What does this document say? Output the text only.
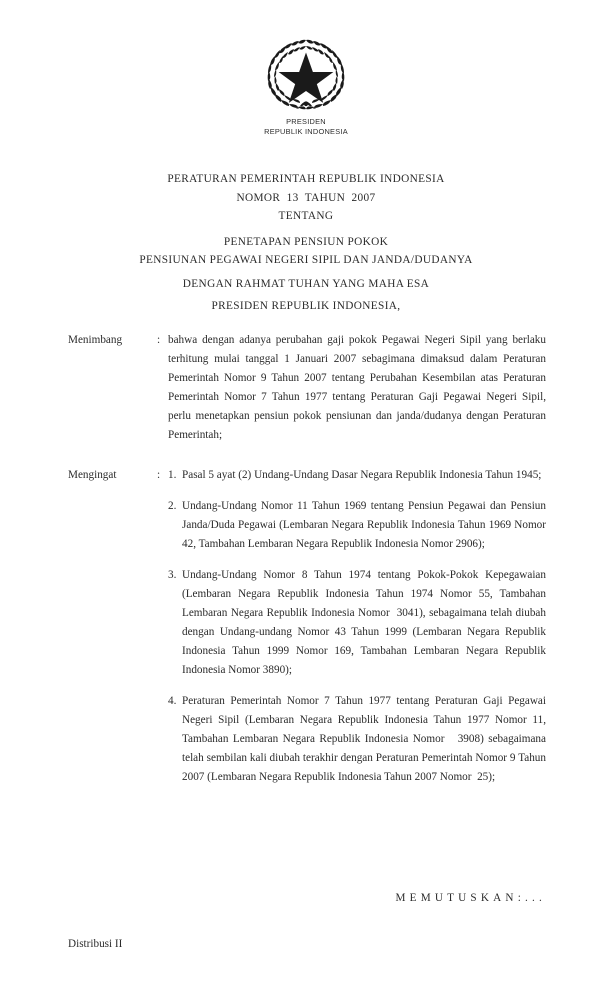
PRESIDEN
REPUBLIK INDONESIA
PERATURAN PEMERINTAH REPUBLIK INDONESIA
NOMOR  13  TAHUN  2007
TENTANG
PENETAPAN PENSIUN POKOK
PENSIUNAN PEGAWAI NEGERI SIPIL DAN JANDA/DUDANYA
DENGAN RAHMAT TUHAN YANG MAHA ESA
PRESIDEN REPUBLIK INDONESIA,
Menimbang	: bahwa dengan adanya perubahan gaji pokok Pegawai Negeri Sipil yang berlaku terhitung mulai tanggal 1 Januari 2007 sebagimana dimaksud dalam Peraturan Pemerintah Nomor 9 Tahun 2007 tentang Perubahan Kesembilan atas Peraturan Pemerintah Nomor 7 Tahun 1977 tentang Peraturan Gaji Pegawai Negeri Sipil, perlu menetapkan pensiun pokok pensiunan dan janda/dudanya dengan Peraturan Pemerintah;

Mengingat	: 1. Pasal 5 ayat (2) Undang-Undang Dasar Negara Republik Indonesia Tahun 1945;

2. Undang-Undang Nomor 11 Tahun 1969 tentang Pensiun Pegawai dan Pensiun Janda/Duda Pegawai (Lembaran Negara Republik Indonesia Tahun 1969 Nomor 42, Tambahan Lembaran Negara Republik Indonesia Nomor 2906);

3. Undang-Undang Nomor 8 Tahun 1974 tentang Pokok-Pokok Kepegawaian (Lembaran Negara Republik Indonesia Tahun 1974 Nomor 55, Tambahan Lembaran Negara Republik Indonesia Nomor  3041), sebagaimana telah diubah dengan Undang-undang Nomor 43 Tahun 1999 (Lembaran Negara Republik Indonesia Tahun 1999 Nomor 169, Tambahan Lembaran Negara Republik Indonesia Nomor 3890);

4. Peraturan Pemerintah Nomor 7 Tahun 1977 tentang Peraturan Gaji Pegawai Negeri Sipil (Lembaran Negara Republik Indonesia Tahun 1977 Nomor 11, Tambahan Lembaran Negara Republik Indonesia Nomor   3908) sebagaimana telah sembilan kali diubah terakhir dengan Peraturan Pemerintah Nomor 9 Tahun 2007 (Lembaran Negara Republik Indonesia Tahun 2007 Nomor  25);

MEMUTUSKAN:...
Distribusi II
